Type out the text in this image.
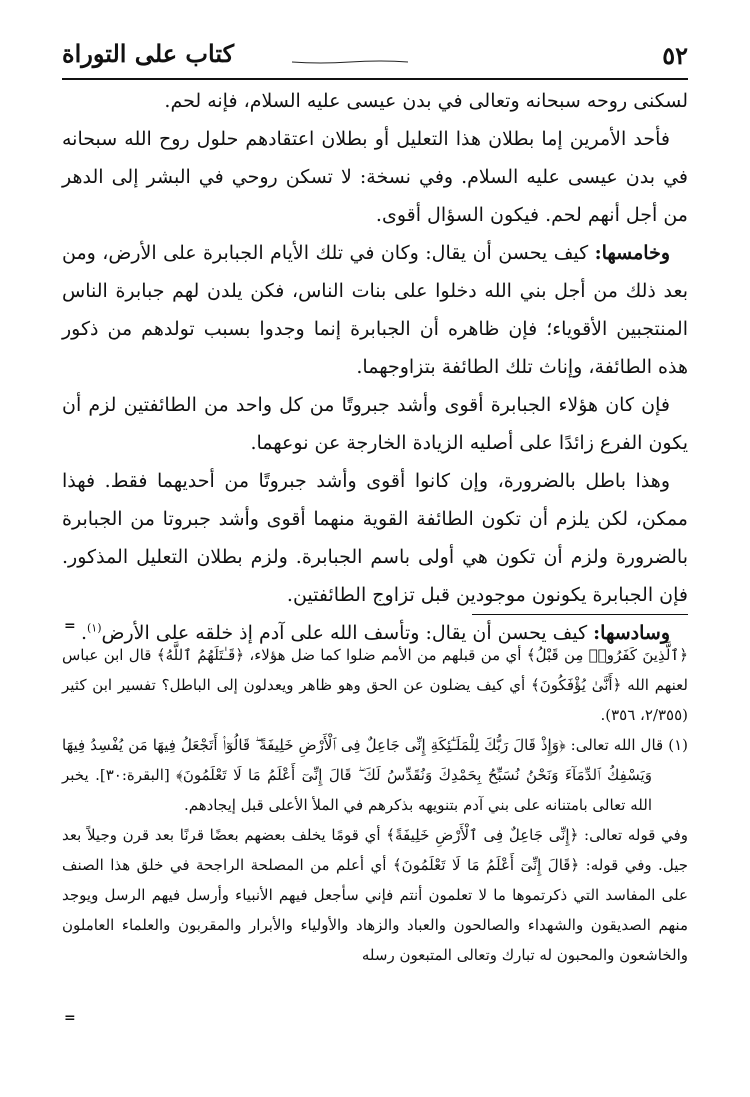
٥٢
كتاب على التوراة

لسكنى روحه سبحانه وتعالى في بدن عيسى عليه السلام، فإنه لحم.

فأحد الأمرين إما بطلان هذا التعليل أو بطلان اعتقادهم حلول روح الله سبحانه في بدن عيسى عليه السلام. وفي نسخة: لا تسكن روحي في البشر إلى الدهر من أجل أنهم لحم. فيكون السؤال أقوى.

وخامسها: كيف يحسن أن يقال: وكان في تلك الأيام الجبابرة على الأرض، ومن بعد ذلك من أجل بني الله دخلوا على بنات الناس، فكن يلدن لهم جبابرة الناس المنتجبين الأقوياء؛ فإن ظاهره أن الجبابرة إنما وجدوا بسبب تولدهم من ذكور هذه الطائفة، وإناث تلك الطائفة بتزاوجهما.

فإن كان هؤلاء الجبابرة أقوى وأشد جبروتًا من كل واحد من الطائفتين لزم أن يكون الفرع زائدًا على أصليه الزيادة الخارجة عن نوعهما.

وهذا باطل بالضرورة، وإن كانوا أقوى وأشد جبروتًا من أحديهما فقط. فهذا ممكن، لكن يلزم أن تكون الطائفة القوية منهما أقوى وأشد جبروتا من الجبابرة بالضرورة ولزم أن تكون هي أولى باسم الجبابرة. ولزم بطلان التعليل المذكور. فإن الجبابرة يكونون موجودين قبل تزاوج الطائفتين.

وسادسها: كيف يحسن أن يقال: وتأسف الله على آدم إذ خلقه على الأرض$^{(١)}$.

=

﴿ٱلَّذِينَ كَفَرُوا۟ مِن قَبْلُ﴾ أي من قبلهم من الأمم ضلوا كما ضل هؤلاء، ﴿قَـٰتَلَهُمُ ٱللَّهُ﴾ قال ابن عباس لعنهم الله ﴿أَنَّىٰ يُؤْفَكُونَ﴾ أي كيف يضلون عن الحق وهو ظاهر ويعدلون إلى الباطل؟ تفسير ابن كثير (٢/٣٥٥، ٣٥٦).

(١) قال الله تعالى: ﴿وَإِذْ قَالَ رَبُّكَ لِلْمَلَـٰٓئِكَةِ إِنِّى جَاعِلٌ فِى ٱلْأَرْضِ خَلِيفَةً ۖ قَالُوٓا۟ أَتَجْعَلُ فِيهَا مَن يُفْسِدُ فِيهَا وَيَسْفِكُ ٱلدِّمَآءَ وَنَحْنُ نُسَبِّحُ بِحَمْدِكَ وَنُقَدِّسُ لَكَ ۖ قَالَ إِنِّىٓ أَعْلَمُ مَا لَا تَعْلَمُونَ﴾ [البقرة:٣٠]. يخبر الله تعالى بامتنانه على بني آدم بتنويهه بذكرهم في الملأ الأعلى قبل إيجادهم.

وفي قوله تعالى: ﴿إِنِّى جَاعِلٌ فِى ٱلْأَرْضِ خَلِيفَةً﴾ أي قومًا يخلف بعضهم بعضًا قرنًا بعد قرن وجيلاً بعد جيل. وفي قوله: ﴿قَالَ إِنِّىٓ أَعْلَمُ مَا لَا تَعْلَمُونَ﴾ أي أعلم من المصلحة الراجحة في خلق هذا الصنف على المفاسد التي ذكرتموها ما لا تعلمون أنتم فإني سأجعل فيهم الأنبياء وأرسل فيهم الرسل ويوجد منهم الصديقون والشهداء والصالحون والعباد والزهاد والأولياء والأبرار والمقربون والعلماء العاملون والخاشعون والمحبون له تبارك وتعالى المتبعون رسله

=
